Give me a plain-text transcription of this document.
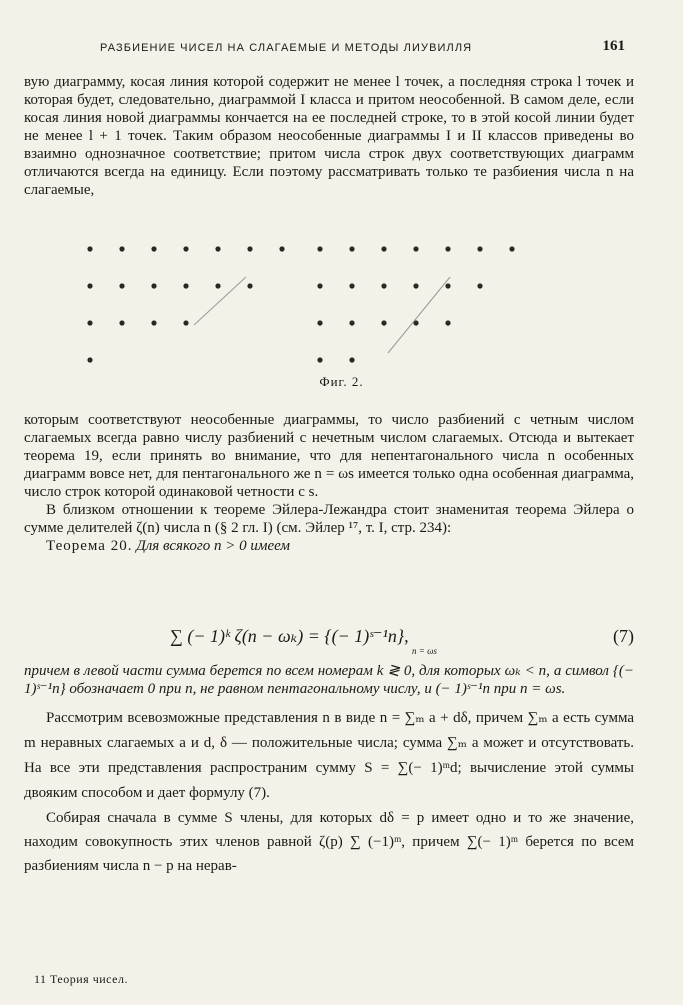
РАЗБИЕНИЕ ЧИСЕЛ НА СЛАГАЕМЫЕ И МЕТОДЫ ЛИУВИЛЛЯ	161

вую диаграмму, косая линия которой содержит не менее l точек, а последняя строка l точек и которая будет, следовательно, диаграммой I класса и притом неособенной. В самом деле, если косая линия новой диаграммы кончается на ее последней строке, то в этой косой линии будет не менее l + 1 точек. Таким образом неособенные диаграммы I и II классов приведены во взаимно однозначное соответствие; притом числа строк двух соответствующих диаграмм отличаются всегда на единицу. Если поэтому рассматривать только те разбиения числа n на слагаемые,

Фиг. 2.

которым соответствуют неособенные диаграммы, то число разбиений с четным числом слагаемых всегда равно числу разбиений с нечетным числом слагаемых. Отсюда и вытекает теорема 19, если принять во внимание, что для непентагонального числа n особенных диаграмм вовсе нет, для пентагонального же n = ωs имеется только одна особенная диаграмма, число строк которой одинаковой четности с s.

В близком отношении к теореме Эйлера-Лежандра стоит знаменитая теорема Эйлера о сумме делителей ζ(n) числа n (§ 2 гл. I) (см. Эйлер ¹⁷, т. I, стр. 234):

Теорема 20. Для всякого n > 0 имеем

∑ (− 1)ᵏ ζ(n − ωₖ) = {(− 1)ˢ⁻¹n},
n = ωs
(7)

причем в левой части сумма берется по всем номерам k ≷ 0, для которых ωₖ < n, а символ {(− 1)ˢ⁻¹n} обозначает 0 при n, не равном пентагональному числу, и (− 1)ˢ⁻¹n при n = ωs.

Рассмотрим всевозможные представления n в виде n = ∑ₘ a + dδ, причем ∑ₘ a есть сумма m неравных слагаемых a и d, δ — положительные числа; сумма ∑ₘ a может и отсутствовать. На все эти представления распространим сумму S = ∑(− 1)ᵐd; вычисление этой суммы двояким способом и дает формулу (7).

Собирая сначала в сумме S члены, для которых dδ = p имеет одно и то же значение, находим совокупность этих членов равной ζ(p) ∑ (−1)ᵐ, причем ∑(− 1)ᵐ берется по всем разбиениям числа n − p на нерав-

11 Теория чисел.
